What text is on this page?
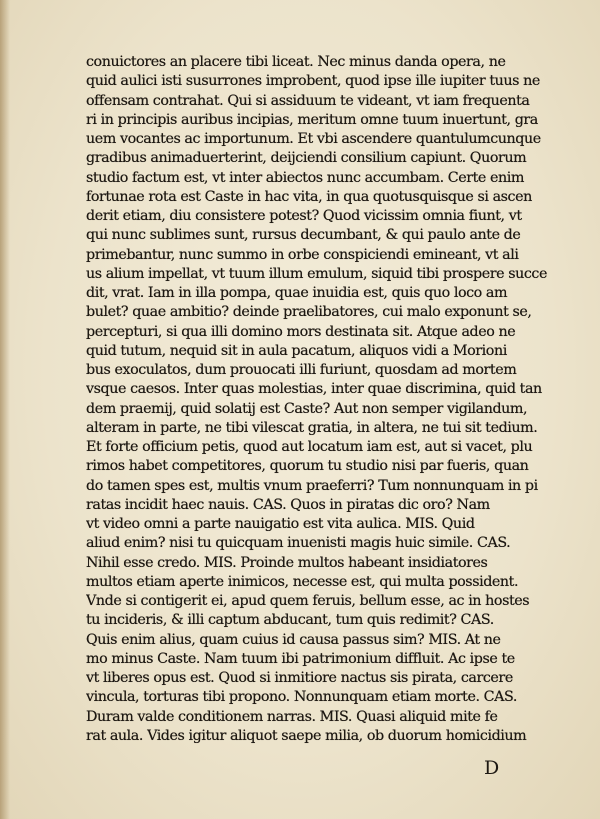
conuictores an placere tibi liceat. Nec minus danda opera, ne
quid aulici isti susurrones improbent, quod ipse ille iupiter tuus ne
offensam contrahat. Qui si assiduum te videant, vt iam frequenta
ri in principis auribus incipias, meritum omne tuum inuertunt, gra
uem vocantes ac importunum. Et vbi ascendere quantulumcunque
gradibus animaduerterint, deijciendi consilium capiunt. Quorum
studio factum est, vt inter abiectos nunc accumbam. Certe enim
fortunae rota est Caste in hac vita, in qua quotusquisque si ascen
derit etiam, diu consistere potest? Quod vicissim omnia fiunt, vt
qui nunc sublimes sunt, rursus decumbant, & qui paulo ante de
primebantur, nunc summo in orbe conspiciendi emineant, vt ali
us alium impellat, vt tuum illum emulum, siquid tibi prospere succe
dit, vrat. Iam in illa pompa, quae inuidia est, quis quo loco am
bulet? quae ambitio? deinde praelibatores, cui malo exponunt se,
percepturi, si qua illi domino mors destinata sit. Atque adeo ne
quid tutum, nequid sit in aula pacatum, aliquos vidi a Morioni
bus exoculatos, dum prouocati illi furiunt, quosdam ad mortem
vsque caesos. Inter quas molestias, inter quae discrimina, quid tan
dem praemij, quid solatij est Caste? Aut non semper vigilandum,
alteram in parte, ne tibi vilescat gratia, in altera, ne tui sit tedium.
Et forte officium petis, quod aut locatum iam est, aut si vacet, plu
rimos habet competitores, quorum tu studio nisi par fueris, quan
do tamen spes est, multis vnum praeferri? Tum nonnunquam in pi
ratas incidit haec nauis. CAS. Quos in piratas dic oro? Nam
vt video omni a parte nauigatio est vita aulica. MIS. Quid
aliud enim? nisi tu quicquam inuenisti magis huic simile. CAS.
Nihil esse credo. MIS. Proinde multos habeant insidiatores
multos etiam aperte inimicos, necesse est, qui multa possident.
Vnde si contigerit ei, apud quem feruis, bellum esse, ac in hostes
tu incideris, & illi captum abducant, tum quis redimit? CAS.
Quis enim alius, quam cuius id causa passus sim? MIS. At ne
mo minus Caste. Nam tuum ibi patrimonium diffluit. Ac ipse te
vt liberes opus est. Quod si inmitiore nactus sis pirata, carcere
vincula, torturas tibi propono. Nonnunquam etiam morte. CAS.
Duram valde conditionem narras. MIS. Quasi aliquid mite fe
rat aula. Vides igitur aliquot saepe milia, ob duorum homicidium
D
